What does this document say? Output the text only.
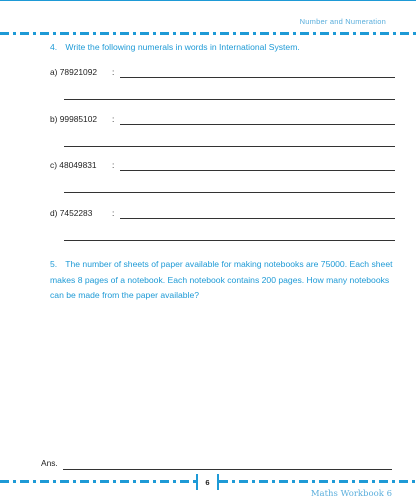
Number and Numeration
4. Write the following numerals in words in International System.
a) 78921092 :
b) 99985102 :
c) 48049831 :
d) 7452283 :
5. The number of sheets of paper available for making notebooks are 75000. Each sheet makes 8 pages of a notebook. Each notebook contains 200 pages. How many notebooks can be made from the paper available?
Ans.
6
Maths Workbook 6
